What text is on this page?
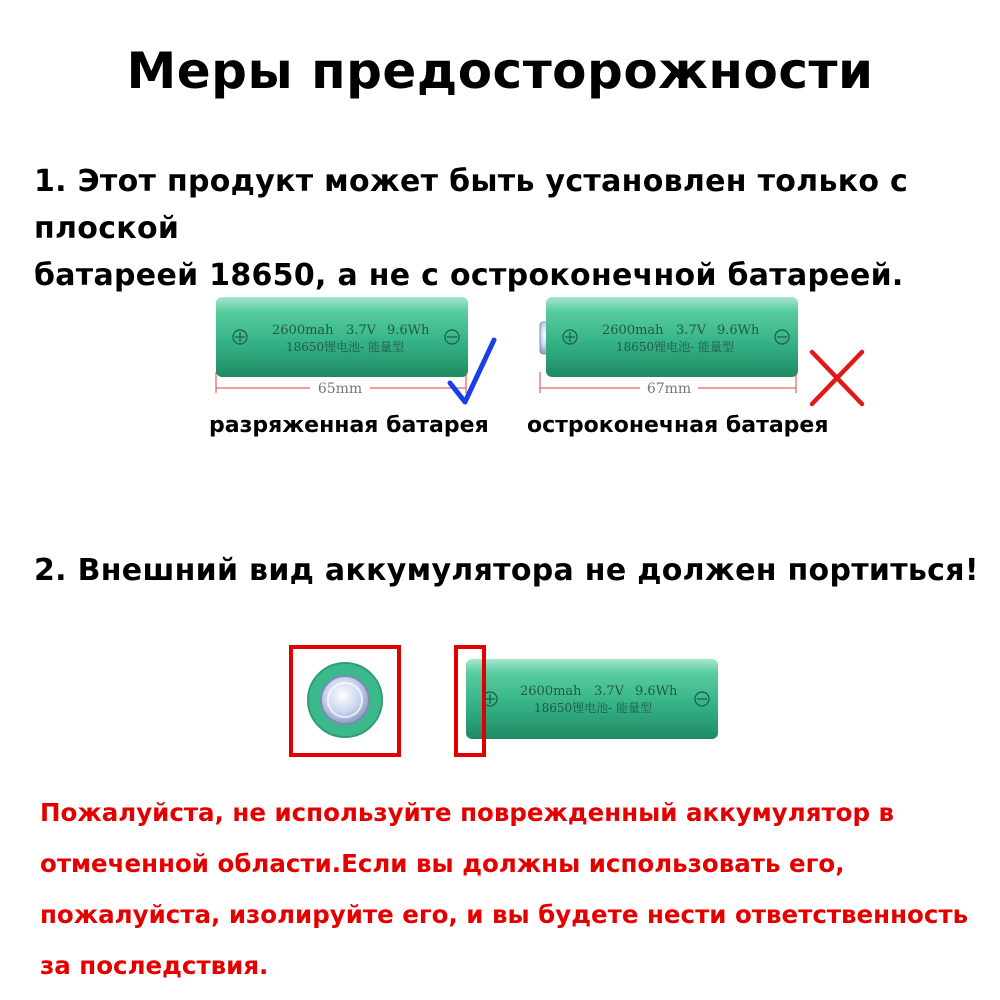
Меры предосторожности
1. Этот продукт может быть установлен только с плоской
батареей 18650, а не с остроконечной батареей.
2600mah 3.7V 9.6Wh
18650锂电池- 能量型
65mm
2600mah 3.7V 9.6Wh
18650锂电池- 能量型
67mm
2600mah 3.7V 9.6Wh
18650锂电池- 能量型
разряженная батарея остроконечная батарея
2. Внешний вид аккумулятора не должен портиться!
Пожалуйста, не используйте поврежденный аккумулятор в
отмеченной области.Если вы должны использовать его,
пожалуйста, изолируйте его, и вы будете нести ответственность
за последствия.
